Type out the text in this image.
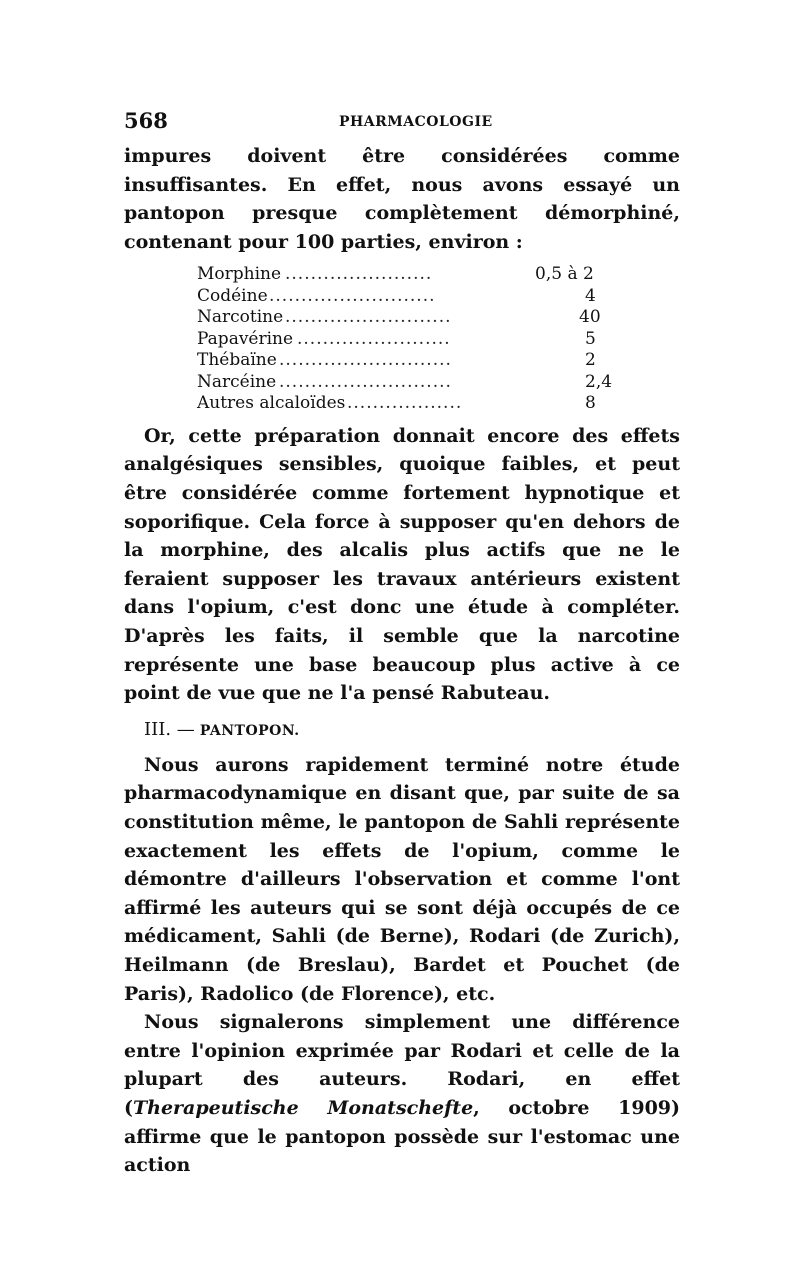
568	PHARMACOLOGIE

impures doivent être considérées comme insuffisantes. En effet, nous avons essayé un pantopon presque complètement démorphiné, contenant pour 100 parties, environ :

Morphine .......................	0,5 à 2
Codéine ..........................	4
Narcotine ..........................	40
Papavérine ........................	5
Thébaïne ...........................	2
Narcéine ...........................	2,4
Autres alcaloïdes ..................	8

Or, cette préparation donnait encore des effets analgésiques sensibles, quoique faibles, et peut être considérée comme fortement hypnotique et soporifique. Cela force à supposer qu'en dehors de la morphine, des alcalis plus actifs que ne le feraient supposer les travaux antérieurs existent dans l'opium, c'est donc une étude à compléter. D'après les faits, il semble que la narcotine représente une base beaucoup plus active à ce point de vue que ne l'a pensé Rabuteau.

III. — PANTOPON.

Nous aurons rapidement terminé notre étude pharmacodynamique en disant que, par suite de sa constitution même, le pantopon de Sahli représente exactement les effets de l'opium, comme le démontre d'ailleurs l'observation et comme l'ont affirmé les auteurs qui se sont déjà occupés de ce médicament, Sahli (de Berne), Rodari (de Zurich), Heilmann (de Breslau), Bardet et Pouchet (de Paris), Radolico (de Florence), etc.

Nous signalerons simplement une différence entre l'opinion exprimée par Rodari et celle de la plupart des auteurs. Rodari, en effet (Therapeutische Monatschefte, octobre 1909) affirme que le pantopon possède sur l'estomac une action
